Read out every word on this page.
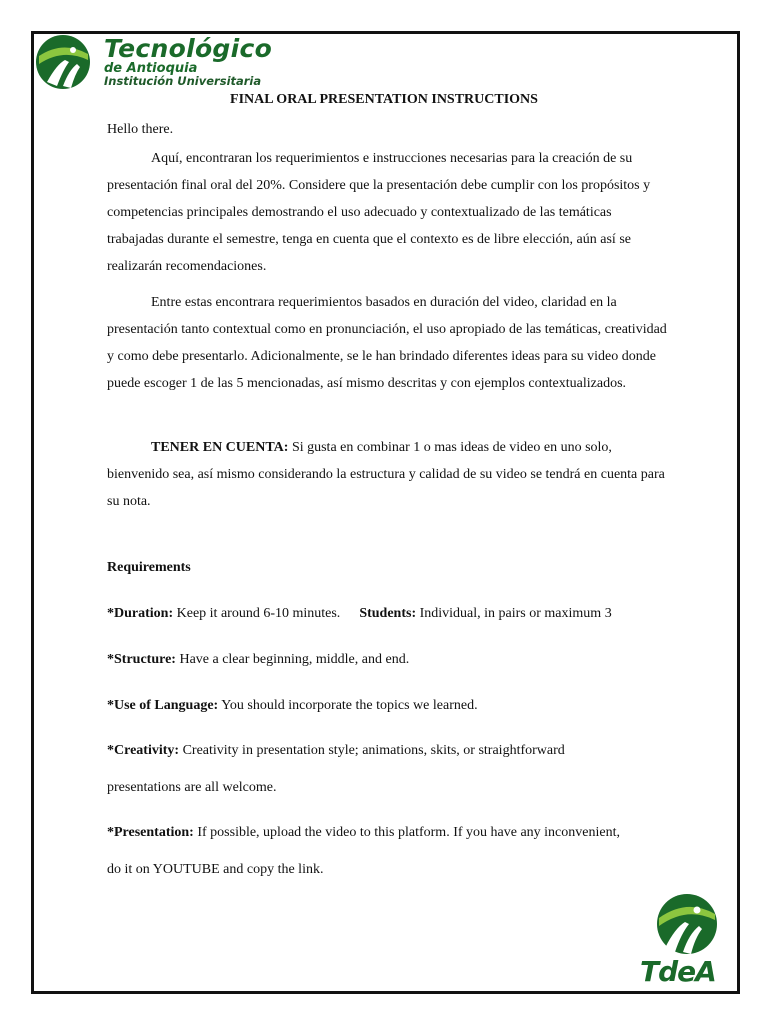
Tecnológico
de Antioquia
Institución Universitaria
FINAL ORAL PRESENTATION INSTRUCTIONS
Hello there.
Aquí, encontraran los requerimientos e instrucciones necesarias para la creación de su presentación final oral del 20%. Considere que la presentación debe cumplir con los propósitos y competencias principales demostrando el uso adecuado y contextualizado de las temáticas trabajadas durante el semestre, tenga en cuenta que el contexto es de libre elección, aún así se realizarán recomendaciones.
Entre estas encontrara requerimientos basados en duración del video, claridad en la presentación tanto contextual como en pronunciación, el uso apropiado de las temáticas, creatividad y como debe presentarlo. Adicionalmente, se le han brindado diferentes ideas para su video donde puede escoger 1 de las 5 mencionadas, así mismo descritas y con ejemplos contextualizados.
TENER EN CUENTA: Si gusta en combinar 1 o mas ideas de video en uno solo, bienvenido sea, así mismo considerando la estructura y calidad de su video se tendrá en cuenta para su nota.
Requirements
*Duration: Keep it around 6-10 minutes. Students: Individual, in pairs or maximum 3
*Structure: Have a clear beginning, middle, and end.
*Use of Language: You should incorporate the topics we learned.
*Creativity: Creativity in presentation style; animations, skits, or straightforward
presentations are all welcome.
*Presentation: If possible, upload the video to this platform. If you have any inconvenient,
do it on YOUTUBE and copy the link.
TdeA
